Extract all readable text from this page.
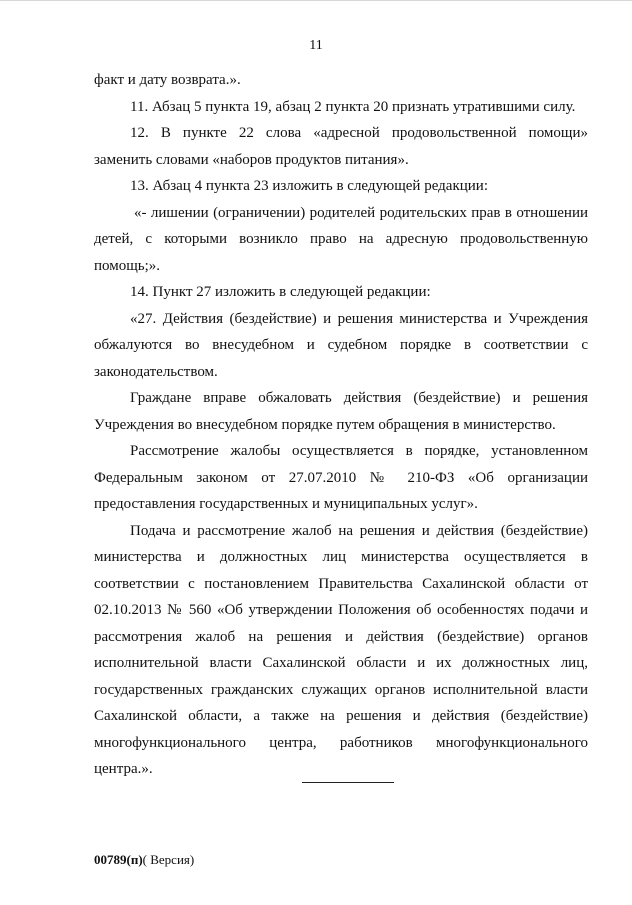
11

факт и дату возврата.».

11. Абзац 5 пункта 19, абзац 2 пункта 20 признать утратившими силу.

12. В пункте 22 слова «адресной продовольственной помощи» заменить словами «наборов продуктов питания».

13. Абзац 4 пункта 23 изложить в следующей редакции:

«- лишении (ограничении) родителей родительских прав в отношении детей, с которыми возникло право на адресную продовольственную помощь;».

14. Пункт 27 изложить в следующей редакции:

«27. Действия (бездействие) и решения министерства и Учреждения обжалуются во внесудебном и судебном порядке в соответствии с законодательством.

Граждане вправе обжаловать действия (бездействие) и решения Учреждения во внесудебном порядке путем обращения в министерство.

Рассмотрение жалобы осуществляется в порядке, установленном Федеральным законом от 27.07.2010 № 210-ФЗ «Об организации предоставления государственных и муниципальных услуг».

Подача и рассмотрение жалоб на решения и действия (бездействие) министерства и должностных лиц министерства осуществляется в соответствии с постановлением Правительства Сахалинской области от 02.10.2013 № 560 «Об утверждении Положения об особенностях подачи и рассмотрения жалоб на решения и действия (бездействие) органов исполнительной власти Сахалинской области и их должностных лиц, государственных гражданских служащих органов исполнительной власти Сахалинской области, а также на решения и действия (бездействие) многофункционального центра, работников многофункционального центра.».

00789(п)( Версия)
